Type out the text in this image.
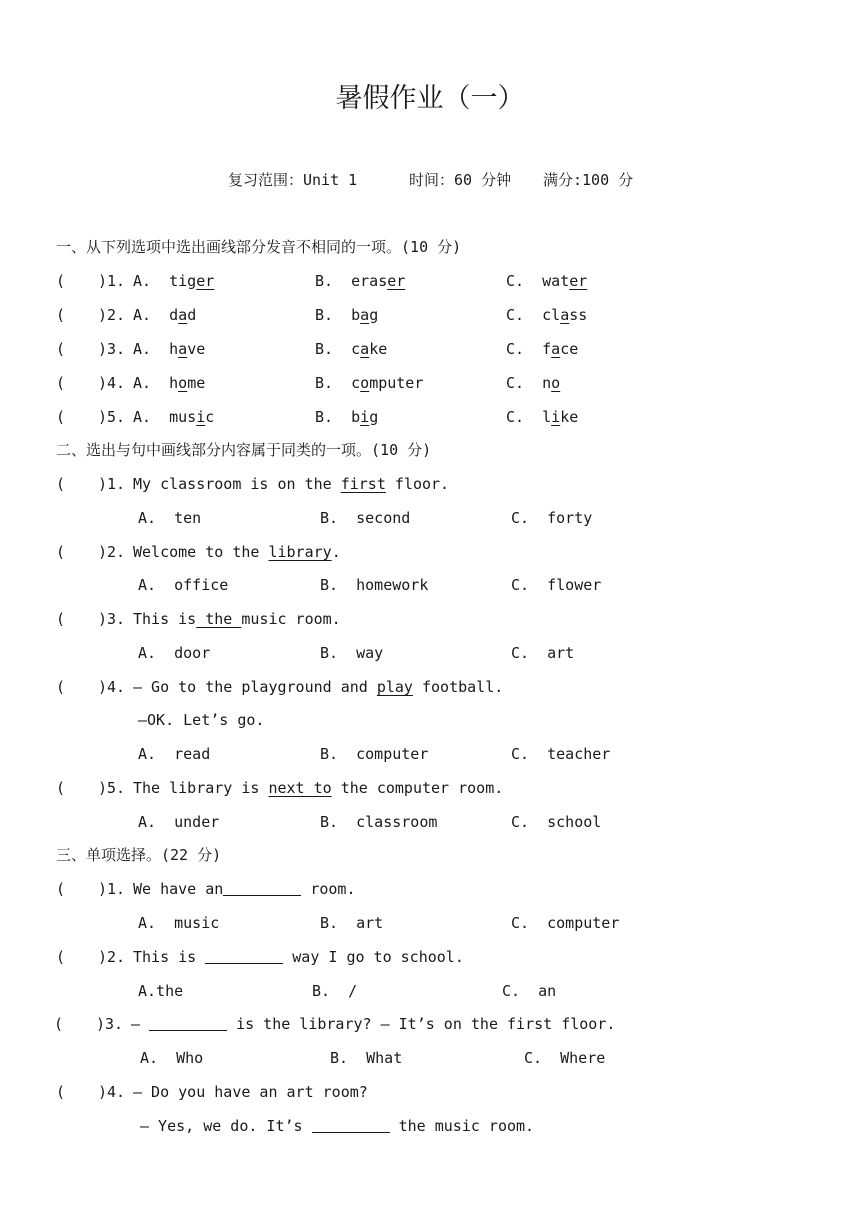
暑假作业（一）
复习范围：Unit 1	时间：60 分钟 满分:100 分
一、从下列选项中选出画线部分发音不相同的一项。(10 分)
( )1. A. tiger	B. eraser	C. water
( )2. A. dad	B. bag	C. class
( )3. A. have	B. cake	C. face
( )4. A. home	B. computer	C. no
( )5. A. music	B. big	C. like
二、选出与句中画线部分内容属于同类的一项。(10 分)
( )1. My classroom is on the first floor.
A.  ten	B.  second	C.  forty
( )2. Welcome to the library.
A.  office	B.  homework	C.  flower
( )3. This is the music room.
A.  door	B.  way	C.  art
( )4. — Go to the playground and play football.
—OK. Let’s go.
A.  read	B.  computer	C.  teacher
( )5. The library is next to the computer room.
A.  under	B.  classroom	C.  school
三、单项选择。(22 分)
( )1. We have an	room.
A.  music	B.  art	C.  computer
( )2. This is	way I go to school.
A.the	B.  /	C.  an
( )3. —	is the library? — It’s on the first floor.
A.  Who	B.  What	C.  Where
( )4. — Do you have an art room?
— Yes, we do. It’s	the music room.
